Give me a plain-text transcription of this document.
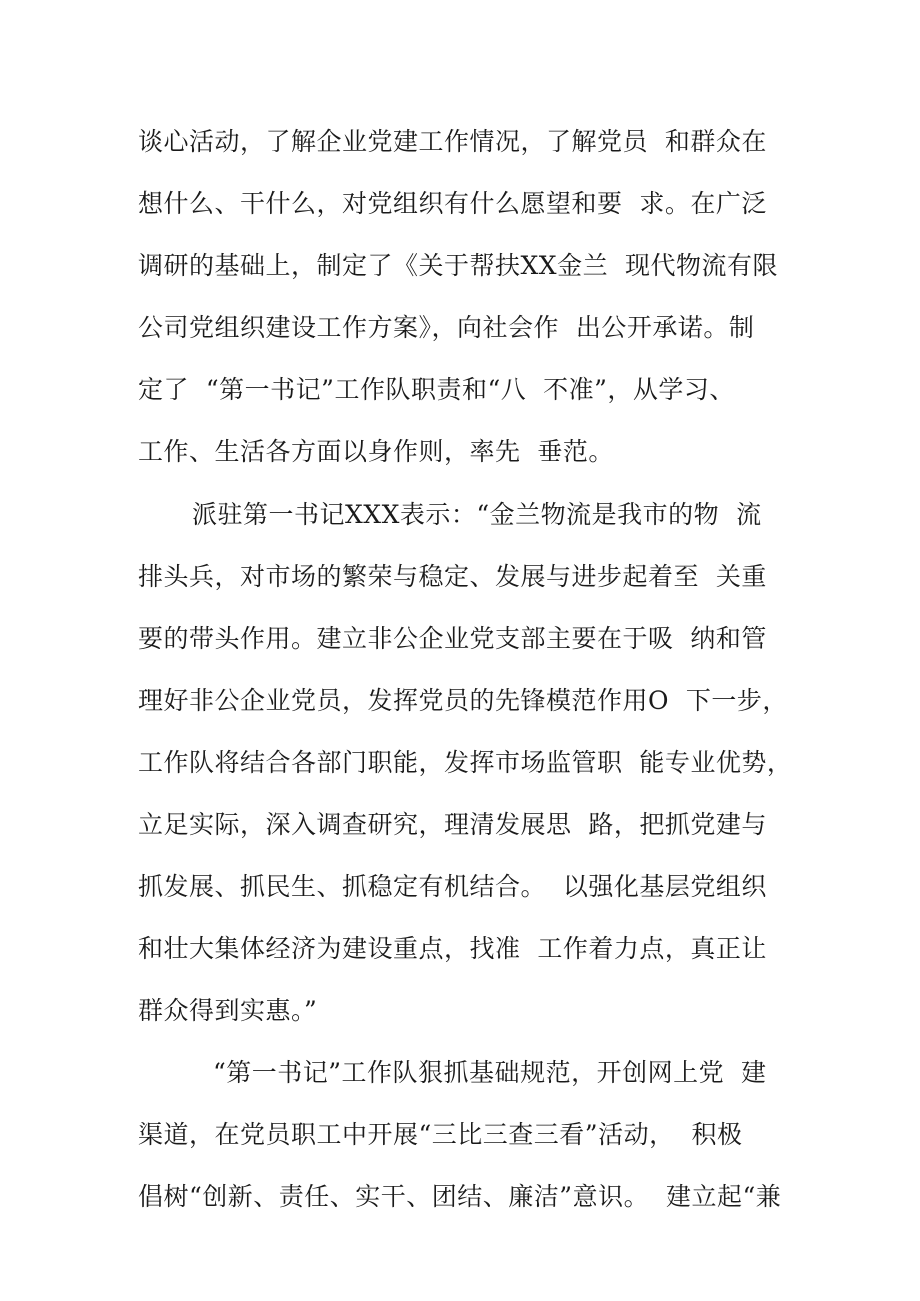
谈心活动，了解企业党建工作情况，了解党员  和群众在
想什么、干什么，对党组织有什么愿望和要  求。在广泛
调研的基础上，制定了《关于帮扶XX金兰  现代物流有限
公司党组织建设工作方案》，向社会作  出公开承诺。制
定了  “第一书记”工作队职责和“八  不准”，从学习、
工作、生活各方面以身作则，率先  垂范。
派驻第一书记XXX表示：“金兰物流是我市的物  流
排头兵，对市场的繁荣与稳定、发展与进步起着至  关重
要的带头作用。建立非公企业党支部主要在于吸  纳和管
理好非公企业党员，发挥党员的先锋模范作用O  下一步，
工作队将结合各部门职能，发挥市场监管职  能专业优势，
立足实际，深入调查研究，理清发展思  路，把抓党建与
抓发展、抓民生、抓稳定有机结合。  以强化基层党组织
和壮大集体经济为建设重点，找准  工作着力点，真正让
群众得到实惠。”
“第一书记”工作队狠抓基础规范，开创网上党  建
渠道，在党员职工中开展“三比三查三看”活动，  积极
倡树“创新、责任、实干、团结、廉洁”意识。  建立起“兼
